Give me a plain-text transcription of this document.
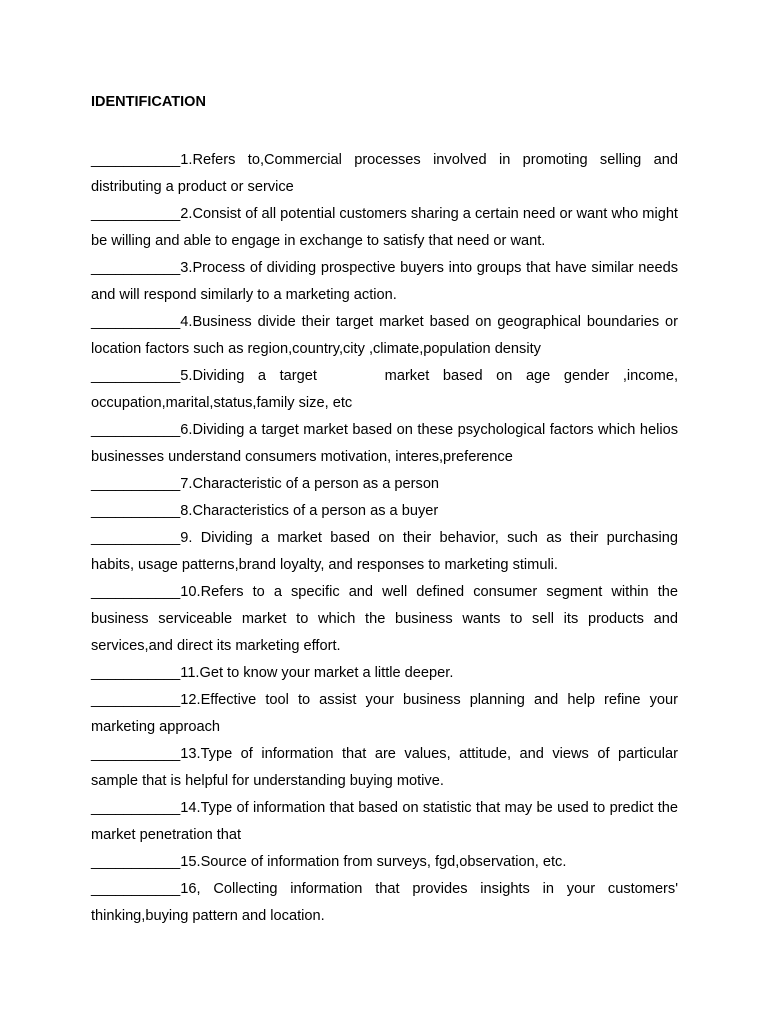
IDENTIFICATION

___________1.Refers to,Commercial processes involved in promoting selling and distributing a product or service

___________2.Consist of all potential customers sharing a certain need or want who might be willing and able to engage in exchange to satisfy that need or want.

___________3.Process of dividing prospective buyers into groups that have similar needs and will respond similarly to a marketing action.

___________4.Business divide their target market based on geographical boundaries or location factors such as region,country,city ,climate,population density

___________5.Dividing a target     market based on age gender ,income, occupation,marital,status,family size, etc

___________6.Dividing a target market based on these psychological factors which helios businesses understand consumers motivation, interes,preference

___________7.Characteristic of a person as a person

___________8.Characteristics of a person as a buyer

___________9. Dividing a market based on their behavior, such as their purchasing habits, usage patterns,brand loyalty, and responses to marketing stimuli.

___________10.Refers to a specific and well defined consumer segment within the business serviceable market to which the business wants to sell its products and services,and direct its marketing effort.

___________11.Get to know your market a little deeper.

___________12.Effective tool to assist your business planning and help refine your marketing approach

___________13.Type of information that are values, attitude, and views of particular sample that is helpful for understanding buying motive.

___________14.Type of information that based on statistic that may be used to predict the market penetration that

___________15.Source of information from surveys, fgd,observation, etc.

___________16, Collecting information that provides insights in your customers' thinking,buying pattern and location.
